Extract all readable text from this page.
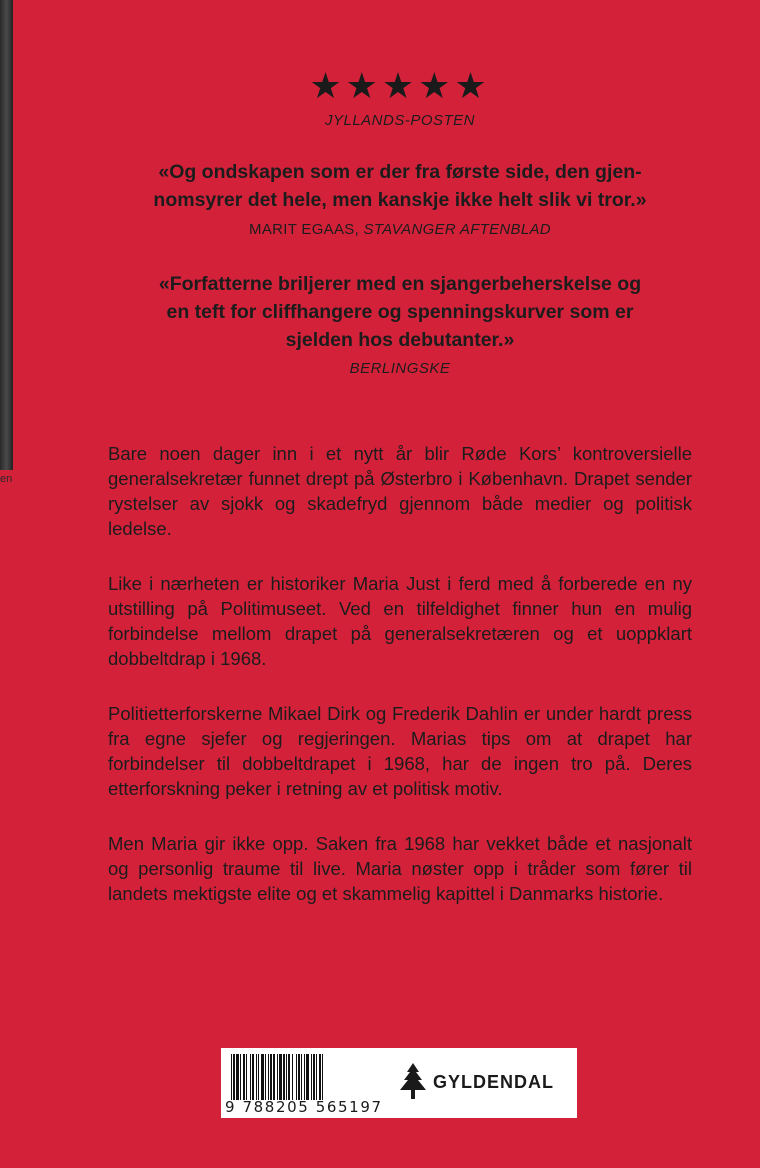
en
★★★★★
JYLLANDS-POSTEN
«Og ondskapen som er der fra første side, den gjen-
nomsyrer det hele, men kanskje ikke helt slik vi tror.»
MARIT EGAAS, STAVANGER AFTENBLAD
«Forfatterne briljerer med en sjangerbeherskelse og
en teft for cliffhangere og spenningskurver som er
sjelden hos debutanter.»
BERLINGSKE

Bare noen dager inn i et nytt år blir Røde Kors’ kontroversielle generalsekretær funnet drept på Østerbro i København. Drapet sender rystelser av sjokk og skadefryd gjennom både medier og politisk ledelse.

Like i nærheten er historiker Maria Just i ferd med å forberede en ny utstilling på Politimuseet. Ved en tilfeldighet finner hun en mulig forbindelse mellom drapet på generalsekretæren og et uoppklart dobbeltdrap i 1968.

Politietterforskerne Mikael Dirk og Frederik Dahlin er under hardt press fra egne sjefer og regjeringen. Marias tips om at drapet har forbindelser til dobbeltdrapet i 1968, har de ingen tro på. Deres etterforskning peker i retning av et politisk motiv.

Men Maria gir ikke opp. Saken fra 1968 har vekket både et nasjonalt og personlig traume til live. Maria nøster opp i tråder som fører til landets mektigste elite og et skammelig kapittel i Danmarks historie.

9 788205 565197
GYLDENDAL
